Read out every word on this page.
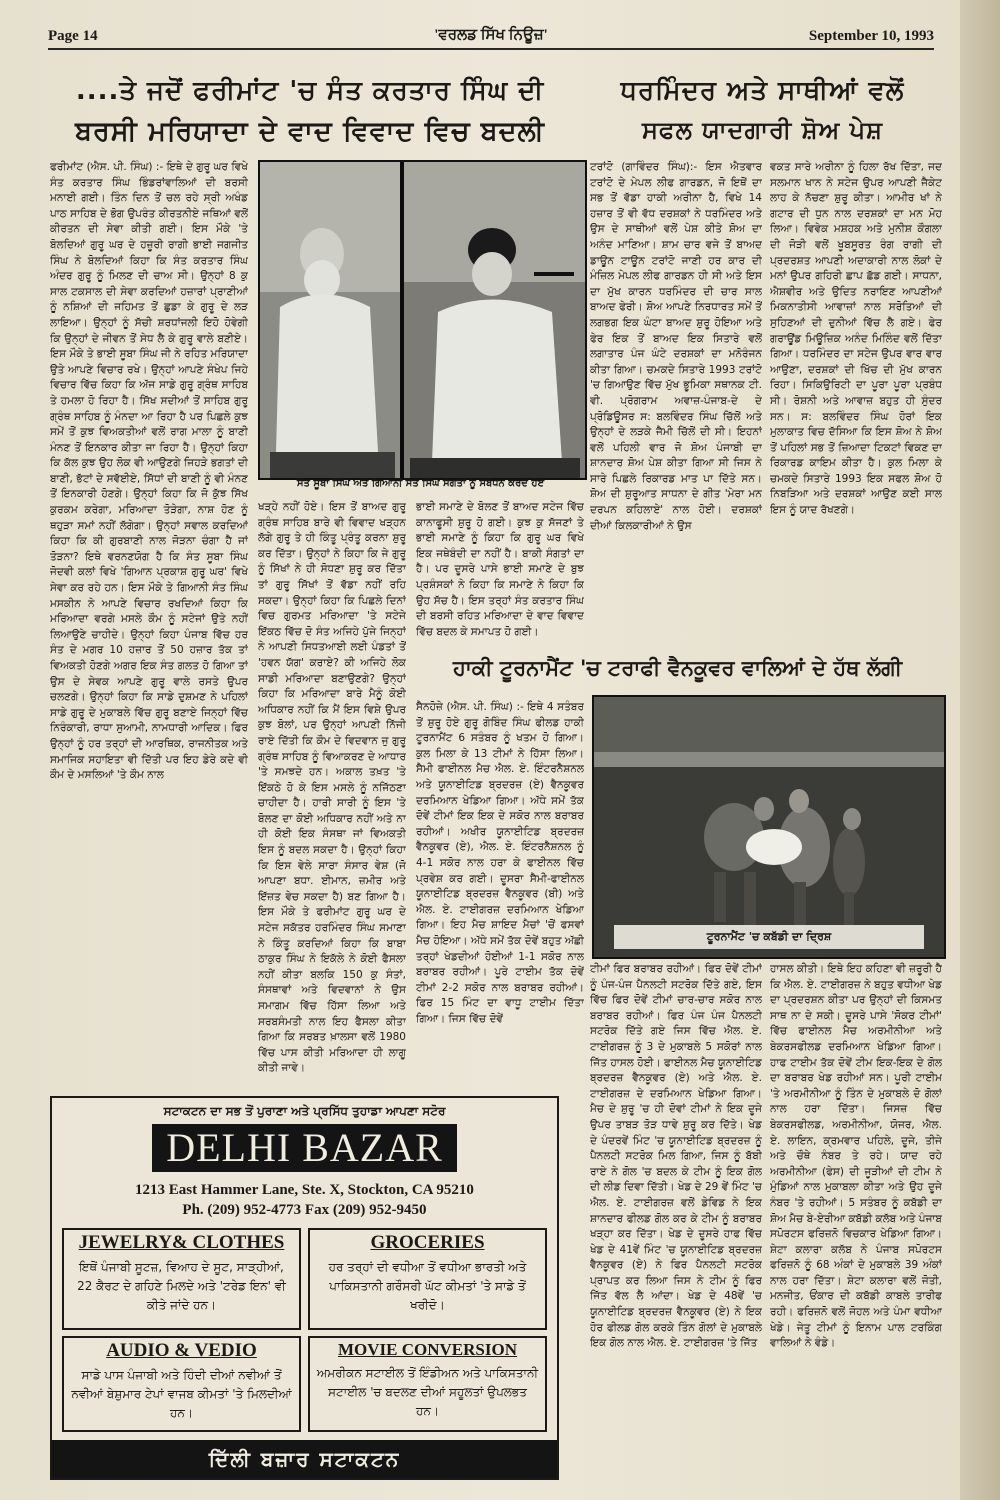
Page 14	'ਵਰਲਡ ਸਿੱਖ ਨਿਊਜ਼'	September 10, 1993
....ਤੇ ਜਦੋਂ ਫਰੀਮਾਂਟ 'ਚ ਸੰਤ ਕਰਤਾਰ ਸਿੰਘ ਦੀ
ਬਰਸੀ ਮਰਿਯਾਦਾ ਦੇ ਵਾਦ ਵਿਵਾਦ ਵਿਚ ਬਦਲੀ
ਧਰਮਿੰਦਰ ਅਤੇ ਸਾਥੀਆਂ ਵਲੋਂ
ਸਫਲ ਯਾਦਗਾਰੀ ਸ਼ੋਅ ਪੇਸ਼
ਸੰਤ ਸੂਬਾ ਸਿੰਘ ਅਤੇ ਗਿਆਨੀ ਸੰਤ ਸਿੰਘ ਸੰਗਤਾਂ ਨੂੰ ਸੰਬੋਧਨ ਕਰਦੇ ਹੋਏ
ਫਰੀਮਾਂਟ (ਐਸ. ਪੀ. ਸਿੰਘ) :- ਇਥੇ ਦੇ ਗੁਰੂ ਘਰ ਵਿਖੇ ਸੰਤ ਕਰਤਾਰ ਸਿੰਘ ਭਿੰਡਰਾਂਵਾਲਿਆਂ ਦੀ ਬਰਸੀ ਮਨਾਈ ਗਈ। ਤਿੰਨ ਦਿਨ ਤੋਂ ਚਲ ਰਹੇ ਸ੍ਰੀ ਅਖੰਡ ਪਾਠ ਸਾਹਿਬ ਦੇ ਭੋਗ ਉਪਰੰਤ ਕੀਰਤਨੀਏ ਜਥਿਆਂ ਵਲੋਂ ਕੀਰਤਨ ਦੀ ਸੇਵਾ ਕੀਤੀ ਗਈ। ਇਸ ਮੌਕੇ 'ਤੇ ਬੋਲਦਿਆਂ ਗੁਰੂ ਘਰ ਦੇ ਹਜ਼ੂਰੀ ਰਾਗੀ ਭਾਈ ਜਗਜੀਤ ਸਿੰਘ ਨੇ ਬੋਲਦਿਆਂ ਕਿਹਾ ਕਿ ਸੰਤ ਕਰਤਾਰ ਸਿੰਘ ਅੰਦਰ ਗੁਰੂ ਨੂੰ ਮਿਲਣ ਦੀ ਚਾਅ ਸੀ। ਉਨ੍ਹਾਂ 8 ਕੁ ਸਾਲ ਟਕਸਾਲ ਦੀ ਸੇਵਾ ਕਰਦਿਆਂ ਹਜ਼ਾਰਾਂ ਪ੍ਰਾਣੀਆਂ ਨੂੰ ਨਸ਼ਿਆਂ ਦੀ ਜਹਿਮਤ ਤੋਂ ਛੁਡਾ ਕੇ ਗੁਰੂ ਦੇ ਲੜ ਲਾਇਆ। ਉਨ੍ਹਾਂ ਨੂੰ ਸੱਚੀ ਸ਼ਰਧਾਂਜਲੀ ਇਹੋ ਹੋਵੇਗੀ ਕਿ ਉਨ੍ਹਾਂ ਦੇ ਜੀਵਨ ਤੋਂ ਸੇਧ ਲੈ ਕੇ ਗੁਰੂ ਵਾਲੇ ਬਣੀਏ। ਇਸ ਮੌਕੇ ਤੇ ਭਾਈ ਸੂਬਾ ਸਿੰਘ ਜੀ ਨੇ ਰਹਿਤ ਮਰਿਯਾਦਾ ਉਤੇ ਆਪਣੇ ਵਿਚਾਰ ਰਖੇ। ਉਨ੍ਹਾਂ ਆਪਣੇ ਸੰਖੇਪ ਜਿਹੇ ਵਿਚਾਰ ਵਿੱਚ ਕਿਹਾ ਕਿ ਅੱਜ ਸਾਡੇ ਗੁਰੂ ਗ੍ਰੰਥ ਸਾਹਿਬ ਤੇ ਹਮਲਾ ਹੋ ਰਿਹਾ ਹੈ। ਸਿੱਖ ਸਦੀਆਂ ਤੋਂ ਸਾਹਿਬ ਗੁਰੂ ਗ੍ਰੰਥ ਸਾਹਿਬ ਨੂੰ ਮੰਨਦਾ ਆ ਰਿਹਾ ਹੈ ਪਰ ਪਿਛਲੇ ਕੁਝ ਸਮੇਂ ਤੋਂ ਕੁਝ ਵਿਅਕਤੀਆਂ ਵਲੋਂ ਰਾਗ ਮਾਲਾ ਨੂੰ ਬਾਣੀ ਮੰਨਣ ਤੋਂ ਇਨਕਾਰ ਕੀਤਾ ਜਾ ਰਿਹਾ ਹੈ। ਉਨ੍ਹਾਂ ਕਿਹਾ ਕਿ ਕੱਲ ਕੁਝ ਉਹ ਲੋਕ ਵੀ ਆਉਣਗੇ ਜਿਹੜੇ ਭਗਤਾਂ ਦੀ ਬਾਣੀ, ਭੱਟਾਂ ਦੇ ਸਵੱਈਏ, ਸਿੱਧਾਂ ਦੀ ਬਾਣੀ ਨੂੰ ਵੀ ਮੰਨਣ ਤੋਂ ਇਨਕਾਰੀ ਹੋਣਗੇ। ਉਨ੍ਹਾਂ ਕਿਹਾ ਕਿ ਜੋ ਕੁੱਝ ਸਿੱਖ ਕੁਰਕਮ ਕਰੇਗਾ, ਮਰਿਆਦਾ ਤੋੜੇਗਾ, ਨਾਸ਼ ਹੋਣ ਨੂੰ ਥਹੁੜਾ ਸਮਾਂ ਨਹੀਂ ਲੱਗੇਗਾ। ਉਨ੍ਹਾਂ ਸਵਾਲ ਕਰਦਿਆਂ ਕਿਹਾ ਕਿ ਕੀ ਗੁਰਬਾਣੀ ਨਾਲ ਜੋੜਨਾ ਚੰਗਾ ਹੈ ਜਾਂ ਤੋੜਨਾ? ਇਥੇ ਵਰਨਣਯੋਗ ਹੈ ਕਿ ਸੰਤ ਸੂਬਾ ਸਿੰਘ ਜੋਦਵੀ ਕਲਾਂ ਵਿਖੇ 'ਗਿਆਨ ਪ੍ਰਕਾਸ਼ ਗੁਰੂ ਘਰ' ਵਿਖੇ ਸੇਵਾ ਕਰ ਰਹੇ ਹਨ। ਇਸ ਮੌਕੇ ਤੇ ਗਿਆਨੀ ਸੰਤ ਸਿੰਘ ਮਸਕੀਨ ਨੇ ਆਪਣੇ ਵਿਚਾਰ ਰਖਦਿਆਂ ਕਿਹਾ ਕਿ ਮਰਿਆਦਾ ਵਰਗੇ ਮਸਲੇ ਕੌਮ ਨੂੰ ਸਟੇਜਾਂ ਉਤੇ ਨਹੀਂ ਲਿਆਉਣੇ ਚਾਹੀਦੇ। ਉਨ੍ਹਾਂ ਕਿਹਾ ਪੰਜਾਬ ਵਿੱਚ ਹਰ ਸੰਤ ਦੇ ਮਗਰ 10 ਹਜ਼ਾਰ ਤੋਂ 50 ਹਜ਼ਾਰ ਤੱਕ ਤਾਂ ਵਿਅਕਤੀ ਹੋਣਗੇ ਅਗਰ ਇਕ ਸੰਤ ਗਲਤ ਹੋ ਗਿਆ ਤਾਂ ਉਸ ਦੇ ਸੇਵਕ ਆਪਣੇ ਗੁਰੂ ਵਾਲੇ ਰਸਤੇ ਉਪਰ ਚਲਣਗੇ। ਉਨ੍ਹਾਂ ਕਿਹਾ ਕਿ ਸਾਡੇ ਦੁਸ਼ਮਣ ਨੇ ਪਹਿਲਾਂ ਸਾਡੇ ਗੁਰੂ ਦੇ ਮੁਕਾਬਲੇ ਵਿੱਚ ਗੁਰੂ ਬਣਾਏ ਜਿਨ੍ਹਾਂ ਵਿੱਚ ਨਿਰੰਕਾਰੀ, ਰਾਧਾ ਸੁਆਮੀ, ਨਾਮਧਾਰੀ ਆਦਿਕ। ਫਿਰ ਉਨ੍ਹਾਂ ਨੂੰ ਹਰ ਤਰ੍ਹਾਂ ਦੀ ਆਰਥਿਕ, ਰਾਜਨੀਤਕ ਅਤੇ ਸਮਾਜਿਕ ਸਹਾਇਤਾ ਵੀ ਦਿੱਤੀ ਪਰ ਇਹ ਡੇਰੇ ਕਦੇ ਵੀ ਕੌਮ ਦੇ ਮਸਲਿਆਂ 'ਤੇ ਕੌਮ ਨਾਲ
ਖੜ੍ਹੇ ਨਹੀਂ ਹੋਏ। ਇਸ ਤੋਂ ਬਾਅਦ ਗੁਰੂ ਗ੍ਰੰਥ ਸਾਹਿਬ ਬਾਰੇ ਵੀ ਵਿਵਾਦ ਖੜ੍ਹਨ ਲੱਗੇ ਗੁਰੂ ਤੇ ਹੀ ਕਿੰਤੂ ਪ੍ਰੰਤੂ ਕਰਨਾ ਸ਼ੁਰੂ ਕਰ ਦਿੱਤਾ। ਉਨ੍ਹਾਂ ਨੇ ਕਿਹਾ ਕਿ ਜੇ ਗੁਰੂ ਨੂੰ ਸਿੱਖਾਂ ਨੇ ਹੀ ਸੋਧਣਾ ਸ਼ੁਰੂ ਕਰ ਦਿੱਤਾ ਤਾਂ ਗੁਰੂ ਸਿੱਖਾਂ ਤੋਂ ਵੱਡਾ ਨਹੀਂ ਰਹਿ ਸਕਦਾ। ਉਨ੍ਹਾਂ ਕਿਹਾ ਕਿ ਪਿਛਲੇ ਦਿਨਾਂ ਵਿਚ ਗੁਰਮਤ ਮਰਿਆਦਾ 'ਤੇ ਸਟੇਜੇ ਇੱਕਠ ਵਿੱਚ ਦੋ ਸੰਤ ਅਜਿਹੇ ਪੁੱਜੇ ਜਿਨ੍ਹਾਂ ਨੇ ਆਪਣੀ ਸਿਧਤਆਈ ਲਈ ਪੰਡਤਾਂ ਤੋਂ 'ਹਵਨ ਯੱਗ' ਕਰਾਏ? ਕੀ ਅਜਿਹੇ ਲੋਕ ਸਾਡੀ ਮਰਿਆਦਾ ਬਣਾਉਣਗੇ? ਉਨ੍ਹਾਂ ਕਿਹਾ ਕਿ ਮਰਿਆਦਾ ਬਾਰੇ ਮੈਨੂੰ ਕੋਈ ਅਧਿਕਾਰ ਨਹੀਂ ਕਿ ਮੈਂ ਇਸ ਵਿਸ਼ੇ ਉਪਰ ਕੁਝ ਬੋਲਾਂ, ਪਰ ਉਨ੍ਹਾਂ ਆਪਣੀ ਨਿੱਜੀ ਰਾਏ ਦਿੱਤੀ ਕਿ ਕੌਮ ਦੇ ਵਿਦਵਾਨ ਜੁ ਗੁਰੂ ਗ੍ਰੰਥ ਸਾਹਿਬ ਨੂੰ ਵਿਆਕਰਣ ਦੇ ਆਧਾਰ 'ਤੇ ਸਮਝਦੇ ਹਨ। ਅਕਾਲ ਤਖ਼ਤ 'ਤੇ ਇੱਕਠੇ ਹੋ ਕੇ ਇਸ ਮਸਲੇ ਨੂੰ ਨਜਿੱਠਣਾ ਚਾਹੀਦਾ ਹੈ। ਹਾਰੀ ਸਾਰੀ ਨੂੰ ਇਸ 'ਤੇ ਬੋਲਣ ਦਾ ਕੋਈ ਅਧਿਕਾਰ ਨਹੀਂ ਅਤੇ ਨਾ ਹੀ ਕੋਈ ਇਕ ਸੰਸਥਾ ਜਾਂ ਵਿਅਕਤੀ ਇਸ ਨੂੰ ਬਦਲ ਸਕਦਾ ਹੈ। ਉਨ੍ਹਾਂ ਕਿਹਾ ਕਿ ਇਸ ਵੇਲੇ ਸਾਰਾ ਸੰਸਾਰ ਵੇਸ਼ (ਜੋ ਆਪਣਾ ਬਧਾ. ਈਮਾਨ, ਜ਼ਮੀਰ ਅਤੇ ਇੱਜ਼ਤ ਵੇਚ ਸਕਦਾ ਹੈ) ਬਣ ਗਿਆ ਹੈ। ਇਸ ਮੌਕੇ ਤੇ ਫਰੀਮਾਂਟ ਗੁਰੂ ਘਰ ਦੇ ਸਟੇਜ ਸਕੱਤਰ ਹਰਮਿੰਦਰ ਸਿੰਘ ਸਮਾਣਾ ਨੇ ਕਿੰਤੂ ਕਰਦਿਆਂ ਕਿਹਾ ਕਿ ਬਾਬਾ ਠਾਕੁਰ ਸਿੰਘ ਨੇ ਇਕੱਲੇ ਨੇ ਕੋਈ ਫੈਸਲਾ ਨਹੀਂ ਕੀਤਾ ਬਲਕਿ 150 ਕੁ ਸੰਤਾਂ, ਸੰਸਥਾਵਾਂ ਅਤੇ ਵਿਦਵਾਨਾਂ ਨੇ ਉਸ ਸਮਾਗਮ ਵਿੱਚ ਹਿੱਸਾ ਲਿਆ ਅਤੇ ਸਰਬਸੰਮਤੀ ਨਾਲ ਇਹ ਫੈਸਲਾ ਕੀਤਾ ਗਿਆ ਕਿ ਸਰਬਤ ਖ਼ਾਲਸਾ ਵਲੋਂ 1980 ਵਿੱਚ ਪਾਸ ਕੀਤੀ ਮਰਿਆਦਾ ਹੀ ਲਾਗੂ ਕੀਤੀ ਜਾਵੇ।
ਭਾਈ ਸਮਾਣੇ ਦੇ ਬੋਲਣ ਤੋਂ ਬਾਅਦ ਸਟੇਜ ਵਿੱਚ ਕਾਨਾਫੂਸੀ ਸ਼ੁਰੂ ਹੋ ਗਈ। ਕੁਝ ਕੁ ਸੱਜਣਾਂ ਤੇ ਭਾਈ ਸਮਾਣੇ ਨੂੰ ਕਿਹਾ ਕਿ ਗੁਰੂ ਘਰ ਵਿਖੇ ਇਕ ਜਥੇਬੰਦੀ ਦਾ ਨਹੀਂ ਹੈ। ਬਾਕੀ ਸੰਗਤਾਂ ਦਾ ਹੈ। ਪਰ ਦੂਸਰੇ ਪਾਸੇ ਭਾਈ ਸਮਾਣੇ ਦੇ ਬੁਝ ਪ੍ਰਸ਼ੰਸਕਾਂ ਨੇ ਕਿਹਾ ਕਿ ਸਮਾਣੇ ਨੇ ਕਿਹਾ ਕਿ ਉਹ ਸੱਚ ਹੈ। ਇਸ ਤਰ੍ਹਾਂ ਸੰਤ ਕਰਤਾਰ ਸਿੰਘ ਦੀ ਬਰਸੀ ਰਹਿਤ ਮਰਿਆਦਾ ਦੇ ਵਾਦ ਵਿਵਾਦ ਵਿੱਚ ਬਦਲ ਕੇ ਸਮਾਪਤ ਹੋ ਗਈ।
ਟਰਾਂਟੋ (ਗਾਵਿੰਦਰ ਸਿੰਘ):- ਇਸ ਐਤਵਾਰ ਟਰਾਂਟੋ ਦੇ ਮੇਪਲ ਲੀਫ ਗਾਰਡਨ, ਜੋ ਇਥੋਂ ਦਾ ਸਭ ਤੋਂ ਵੱਡਾ ਹਾਕੀ ਅਰੀਨਾ ਹੈ, ਵਿਖੇ 14 ਹਜ਼ਾਰ ਤੋਂ ਵੀ ਵੱਧ ਦਰਸ਼ਕਾਂ ਨੇ ਧਰਮਿੰਦਰ ਅਤੇ ਉਸ ਦੇ ਸਾਥੀਆਂ ਵਲੋਂ ਪੇਸ਼ ਕੀਤੇ ਸ਼ੋਅ ਦਾ ਅਨੰਦ ਮਾਣਿਆ। ਸ਼ਾਮ ਚਾਰ ਵਜੇ ਤੋਂ ਬਾਅਦ ਡਾਊਨ ਟਾਊਨ ਟਰਾਂਟੋ ਜਾਣੀ ਹਰ ਕਾਰ ਦੀ ਮੰਜ਼ਿਲ ਮੇਪਲ ਲੀਫ ਗਾਰਡਨ ਹੀ ਸੀ ਅਤੇ ਇਸ ਦਾ ਮੁੱਖ ਕਾਰਨ ਧਰਮਿੰਦਰ ਦੀ ਚਾਰ ਸਾਲ ਬਾਅਦ ਫੇਰੀ। ਸ਼ੋਅ ਆਪਣੇ ਨਿਰਧਾਰਤ ਸਮੇਂ ਤੋਂ ਲਗਭਗ ਇਕ ਘੰਟਾ ਬਾਅਦ ਸ਼ੁਰੂ ਹੋਇਆ ਅਤੇ ਫੇਰ ਇਕ ਤੋਂ ਬਾਅਦ ਇਕ ਸਿਤਾਰੇ ਵਲੋਂ ਲਗਾਤਾਰ ਪੰਜ ਘੰਟੇ ਦਰਸ਼ਕਾਂ ਦਾ ਮਨੋਰੰਜਨ ਕੀਤਾ ਗਿਆ। ਚਮਕਦੇ ਸਿਤਾਰੇ 1993 ਟਰਾਂਟੋ 'ਚ ਗਿਆਉਣ ਵਿੱਚ ਮੁੱਖ ਭੂਮਿਕਾ ਸਥਾਨਕ ਟੀ. ਵੀ. ਪ੍ਰੋਗਰਾਮ ਅਵਾਜ਼-ਪੰਜਾਬ-ਦੇ ਦੇ ਪ੍ਰੋਡਿਊਸਰ ਸ: ਬਲਵਿੰਦਰ ਸਿੰਘ ਚਿੱਲੋਂ ਅਤੇ ਉਨ੍ਹਾਂ ਦੇ ਲੜਕੇ ਜੈਮੀ ਚਿੱਲੋਂ ਦੀ ਸੀ। ਇਹਨਾਂ ਵਲੋਂ ਪਹਿਲੀ ਵਾਰ ਜੋ ਸ਼ੋਅ ਪੰਜਾਬੀ ਦਾ ਸ਼ਾਨਦਾਰ ਸ਼ੋਅ ਪੇਸ਼ ਕੀਤਾ ਗਿਆ ਸੀ ਜਿਸ ਨੇ ਸਾਰੇ ਪਿਛਲੇ ਰਿਕਾਰਡ ਮਾਤ ਪਾ ਦਿੱਤੇ ਸਨ। ਸ਼ੋਅ ਦੀ ਸ਼ੁਰੂਆਤ ਸਾਧਨਾ ਦੇ ਗੀਤ 'ਮੇਰਾ ਮਨ ਦਰਪਨ ਕਹਿਲਾਏ' ਨਾਲ ਹੋਈ। ਦਰਸ਼ਕਾਂ ਦੀਆਂ ਕਿਲਕਾਰੀਆਂ ਨੇ ਉਸ
ਵਕਤ ਸਾਰੇ ਅਰੀਨਾ ਨੂੰ ਹਿਲਾ ਰੱਖ ਦਿੱਤਾ, ਜਦ ਸਲਮਾਨ ਖਾਨ ਨੇ ਸਟੇਜ ਉਪਰ ਆਪਣੀ ਜੈਕੇਟ ਲਾਹ ਕੇ ਨੱਚਣਾ ਸ਼ੁਰੂ ਕੀਤਾ। ਆਮੀਰ ਖਾਂ ਨੇ ਗਟਾਰ ਦੀ ਧੁਨ ਨਾਲ ਦਰਸ਼ਕਾਂ ਦਾ ਮਨ ਮੋਹ ਲਿਆ। ਵਿਵੇਕ ਮਸ਼ਹਕ ਅਤੇ ਮੁਨੀਸ਼ ਕੌਗਲਾ ਦੀ ਜੋੜੀ ਵਲੋਂ ਖੂਬਸੂਰਤ ਰੰਗ ਰਾਗੀ ਦੀ ਪ੍ਰਦਰਸ਼ਤ ਆਪਣੀ ਅਦਾਕਾਰੀ ਨਾਲ ਲੋਕਾਂ ਦੇ ਮਨਾਂ ਉਪਰ ਗਹਿਰੀ ਛਾਪ ਛੱਡ ਗਈ। ਸਾਧਨਾ, ਐਸ਼ਵੀਰ ਅਤੇ ਉਦਿਤ ਨਰਾਇਣ ਆਪਣੀਆਂ ਮਿਕਨਾਤੀਸੀ ਆਵਾਜ਼ਾਂ ਨਾਲ ਸਰੋਤਿਆਂ ਦੀ ਸੁਹਿਣਆਂ ਦੀ ਦੁਨੀਆਂ ਵਿੱਚ ਲੈ ਗਏ। ਫੇਰ ਗਰਾਊਂਡ ਮਿਊਜ਼ਿਕ ਅਨੰਦ ਮਿਲਿੰਦ ਵਲੋਂ ਦਿੱਤਾ ਗਿਆ। ਧਰਮਿੰਦਰ ਦਾ ਸਟੇਜ ਉਪਰ ਵਾਰ ਵਾਰ ਆਉਣਾ, ਦਰਸ਼ਕਾਂ ਦੀ ਖਿੱਚ ਦੀ ਮੁੱਖ ਕਾਰਨ ਰਿਹਾ। ਸਿਕਿਉਰਿਟੀ ਦਾ ਪੂਰਾ ਪੂਰਾ ਪ੍ਰਬੰਧ ਸੀ। ਰੋਸ਼ਨੀ ਅਤੇ ਆਵਾਜ਼ ਬਹੁਤ ਹੀ ਸੁੰਦਰ ਸਨ। ਸ: ਬਲਵਿੰਦਰ ਸਿੰਘ ਹੋਰਾਂ ਇਕ ਮੁਲਾਕਾਤ ਵਿਚ ਦੱਸਿਆ ਕਿ ਇਸ ਸ਼ੋਅ ਨੇ ਸ਼ੋਅ ਤੋਂ ਪਹਿਲਾਂ ਸਭ ਤੋਂ ਜ਼ਿਆਦਾ ਟਿਕਟਾਂ ਵਿਕਣ ਦਾ ਰਿਕਾਰਡ ਕਾਇਮ ਕੀਤਾ ਹੈ। ਕੁਲ ਮਿਲਾ ਕੇ ਚਮਕਦੇ ਸਿਤਾਰੇ 1993 ਇਕ ਸਫਲ ਸ਼ੋਅ ਹੋ ਨਿਬੜਿਆ ਅਤੇ ਦਰਸ਼ਕਾਂ ਆਉਣ ਕਈ ਸਾਲ ਇਸ ਨੂੰ ਯਾਦ ਰੱਖਣਗੇ।
ਹਾਕੀ ਟੂਰਨਾਮੈਂਟ 'ਚ ਟਰਾਫੀ ਵੈਨਕੂਵਰ ਵਾਲਿਆਂ ਦੇ ਹੱਥ ਲੱਗੀ
ਸੈਨਹੋਜ਼ੇ (ਐਸ. ਪੀ. ਸਿੰਘ) :- ਇਥੇ 4 ਸਤੰਬਰ ਤੋਂ ਸ਼ੁਰੂ ਹੋਏ ਗੁਰੂ ਗੋਬਿੰਦ ਸਿੰਘ ਫੀਲਡ ਹਾਕੀ ਟੂਰਨਾਮੈਂਟ 6 ਸਤੰਬਰ ਨੂੰ ਖਤਮ ਹੋ ਗਿਆ। ਕੁਲ ਮਿਲਾ ਕੇ 13 ਟੀਮਾਂ ਨੇ ਹਿੱਸਾ ਲਿਆ। ਸੈਮੀ ਫਾਈਨਲ ਮੈਚ ਐਲ. ਏ. ਇੰਟਰਨੈਸ਼ਨਲ ਅਤੇ ਯੂਨਾਈਟਿਡ ਬ੍ਰਦਰਜ਼ (ਏ) ਵੈਨਕੂਵਰ ਦਰਮਿਆਨ ਖੇਡਿਆ ਗਿਆ। ਅੱਧੇ ਸਮੇਂ ਤੱਕ ਦੋਵੇਂ ਟੀਮਾਂ ਇਕ ਇਕ ਦੇ ਸਕੋਰ ਨਾਲ ਬਰਾਬਰ ਰਹੀਆਂ। ਅਖੀਰ ਯੂਨਾਈਟਿਡ ਬ੍ਰਦਰਜ਼ ਵੈਨਕੂਵਰ (ਏ), ਐਲ. ਏ. ਇੰਟਰਨੈਸ਼ਨਲ ਨੂੰ 4-1 ਸਕੋਰ ਨਾਲ ਹਰਾ ਕੇ ਫਾਈਨਲ ਵਿੱਚ ਪ੍ਰਵੇਸ਼ ਕਰ ਗਈ। ਦੂਸਰਾ ਸੈਮੀ-ਫਾਈਨਲ ਯੂਨਾਈਟਿਡ ਬ੍ਰਦਰਜ਼ ਵੈਨਕੂਵਰ (ਬੀ) ਅਤੇ ਐਲ. ਏ. ਟਾਈਗਰਜ਼ ਦਰਮਿਆਨ ਖੇਡਿਆ ਗਿਆ। ਇਹ ਮੈਚ ਸ਼ਾਇਦ ਮੈਚਾਂ 'ਚੋਂ ਫਸਵਾਂ ਮੈਚ ਹੋਇਆ। ਅੱਧੇ ਸਮੇਂ ਤੱਕ ਦੋਵੇਂ ਬਹੁਤ ਅੱਛੀ ਤਰ੍ਹਾਂ ਖੇਡਦੀਆਂ ਹੋਈਆਂ 1-1 ਸਕੋਰ ਨਾਲ ਬਰਾਬਰ ਰਹੀਆਂ। ਪੂਰੇ ਟਾਈਮ ਤੱਕ ਦੋਵੇਂ ਟੀਮਾਂ 2-2 ਸਕੋਰ ਨਾਲ ਬਰਾਬਰ ਰਹੀਆਂ। ਫਿਰ 15 ਮਿੰਟ ਦਾ ਵਾਧੂ ਟਾਈਮ ਦਿੱਤਾ ਗਿਆ। ਜਿਸ ਵਿੱਚ ਦੋਵੇਂ
ਟੂਰਨਾਮੈਂਟ 'ਚ ਕਬੱਡੀ ਦਾ ਦ੍ਰਿਸ਼
ਟੀਮਾਂ ਫਿਰ ਬਰਾਬਰ ਰਹੀਆਂ। ਫਿਰ ਦੋਵੇਂ ਟੀਮਾਂ ਨੂੰ ਪੰਜ-ਪੰਜ ਪੈਨਲਟੀ ਸਟਰੋਕ ਦਿੱਤੇ ਗਏ, ਇਸ ਵਿੱਚ ਫਿਰ ਦੋਵੇਂ ਟੀਮਾਂ ਚਾਰ-ਚਾਰ ਸਕੋਰ ਨਾਲ ਬਰਾਬਰ ਰਹੀਆਂ। ਫਿਰ ਪੰਜ ਪੰਜ ਪੈਨਲਟੀ ਸਟਰੋਕ ਦਿੱਤੇ ਗਏ ਜਿਸ ਵਿੱਚ ਐਲ. ਏ. ਟਾਈਗਰਜ਼ ਨੂੰ 3 ਦੇ ਮੁਕਾਬਲੇ 5 ਸਕੋਰਾਂ ਨਾਲ ਜਿੱਤ ਹਾਸਲ ਹੋਈ। ਫਾਈਨਲ ਮੈਚ ਯੂਨਾਈਟਿਡ ਬ੍ਰਦਰਜ਼ ਵੈਨਕੂਵਰ (ਏ) ਅਤੇ ਐਲ. ਏ. ਟਾਈਗਰਜ਼ ਦੇ ਦਰਮਿਆਨ ਖੇਡਿਆ ਗਿਆ। ਮੈਚ ਦੇ ਸ਼ੁਰੂ 'ਚ ਹੀ ਦੋਵਾਂ ਟੀਮਾਂ ਨੇ ਇਕ ਦੂਜੇ ਉਪਰ ਤਾਬੜ ਤੋੜ ਧਾਵੇ ਸ਼ੁਰੂ ਕਰ ਦਿੱਤੇ। ਖੇਡ ਦੇ ਪੰਦਰਵੇਂ ਮਿੰਟ 'ਚ ਯੂਨਾਈਟਿਡ ਬ੍ਰਦਰਜ਼ ਨੂੰ ਪੈਨਲਟੀ ਸਟਰੋਕ ਮਿਲ ਗਿਆ, ਜਿਸ ਨੂੰ ਬੱਬੀ ਰਾਏ ਨੇ ਗੋਲ 'ਚ ਬਦਲ ਕੇ ਟੀਮ ਨੂੰ ਇਕ ਗੋਲ ਦੀ ਲੀਡ ਦਿਵਾ ਦਿੱਤੀ। ਖੇਡ ਦੇ 29 ਵੇਂ ਮਿੰਟ 'ਚ ਐਲ. ਏ. ਟਾਈਗਰਜ਼ ਵਲੋਂ ਡੇਵਿਡ ਨੇ ਇਕ ਸ਼ਾਨਦਾਰ ਫੀਲਡ ਗੋਲ ਕਰ ਕੇ ਟੀਮ ਨੂੰ ਬਰਾਬਰ ਖੜ੍ਹਾ ਕਰ ਦਿੱਤਾ। ਖੇਡ ਦੇ ਦੂਸਰੇ ਹਾਫ ਵਿੱਚ ਖੇਡ ਦੇ 41ਵੇਂ ਮਿੰਟ 'ਚ ਯੂਨਾਈਟਿਡ ਬ੍ਰਦਰਜ਼ ਵੈਨਕੂਵਰ (ਏ) ਨੇ ਫਿਰ ਪੈਨਲਟੀ ਸਟਰੋਕ ਪ੍ਰਾਪਤ ਕਰ ਲਿਆ ਜਿਸ ਨੇ ਟੀਮ ਨੂੰ ਫਿਰ ਜਿੱਤ ਵੱਲ ਲੈ ਆਂਦਾ। ਖੇਡ ਦੇ 48ਵੇਂ 'ਚ ਯੂਨਾਈਟਿਡ ਬ੍ਰਦਰਜ਼ ਵੈਨਕੂਵਰ (ਏ) ਨੇ ਇਕ ਹੋਰ ਫੀਲਡ ਗੋਲ ਕਰਕੇ ਤਿੰਨ ਗੋਲਾਂ ਦੇ ਮੁਕਾਬਲੇ ਇਕ ਗੋਲ ਨਾਲ ਐਲ. ਏ. ਟਾਈਗਰਜ਼ 'ਤੇ ਜਿੱਤ
ਹਾਸਲ ਕੀਤੀ। ਇਥੇ ਇਹ ਕਹਿਣਾ ਵੀ ਜ਼ਰੂਰੀ ਹੈ ਕਿ ਐਲ. ਏ. ਟਾਈਗਰਜ਼ ਨੇ ਬਹੁਤ ਵਧੀਆ ਖੇਡ ਦਾ ਪ੍ਰਦਰਸ਼ਨ ਕੀਤਾ ਪਰ ਉਨ੍ਹਾਂ ਦੀ ਕਿਸਮਤ ਸਾਥ ਨਾ ਦੇ ਸਕੀ। ਦੂਸਰੇ ਪਾਸੇ 'ਸੋਕਰ ਟੀਮਾਂ' ਵਿੱਚ ਫਾਈਨਲ ਮੈਚ ਅਰਮੀਨੀਆ ਅਤੇ ਬੇਕਰਸਫੀਲਡ ਦਰਮਿਆਨ ਖੇਡਿਆ ਗਿਆ। ਹਾਫ ਟਾਈਮ ਤੱਕ ਦੋਵੇਂ ਟੀਮ ਇਕ-ਇਕ ਦੇ ਗੋਲ ਦਾ ਬਰਾਬਰ ਖੇਡ ਰਹੀਆਂ ਸਨ। ਪੂਰੀ ਟਾਈਮ 'ਤੇ ਅਰਮੀਨੀਆ ਨੂੰ ਤਿੰਨ ਦੇ ਮੁਕਾਬਲੇ ਦੋ ਗੋਲਾਂ ਨਾਲ ਹਰਾ ਦਿੱਤਾ। ਜਿਸਜ਼ ਵਿੱਚ ਬੇਕਰਸਫੀਲਡ, ਅਰਮੀਨੀਆ, ਯੋਜਰ, ਐਲ. ਏ. ਲਾਇਨ, ਕ੍ਰਮਵਾਰ ਪਹਿਲੇ, ਦੂਜੇ, ਤੀਜੇ ਅਤੇ ਚੌਥੇ ਨੰਬਰ ਤੇ ਰਹੇ। ਯਾਦ ਰਹੇ ਅਰਮੀਨੀਆ (ਫੇਸ) ਦੀ ਜੂੜੀਆਂ ਦੀ ਟੀਮ ਨੇ ਮੁੰਡਿਆਂ ਨਾਲ ਮੁਕਾਬਲਾ ਕੀਤਾ ਅਤੇ ਉਹ ਦੂਜੇ ਨੰਬਰ 'ਤੇ ਰਹੀਆਂ। 5 ਸਤੰਬਰ ਨੂੰ ਕਬੱਡੀ ਦਾ ਸ਼ੋਅ ਮੈਚ ਬੇ-ਏਰੀਆ ਕਬੱਡੀ ਕਲੱਬ ਅਤੇ ਪੰਜਾਬ ਸਪੋਰਟਸ ਫਰਿਜ਼ਨੋ ਵਿਚਕਾਰ ਖੇਡਿਆ ਗਿਆ। ਸ਼ੇਟਾ ਕਲਾਰਾ ਕਲੱਬ ਨੇ ਪੰਜਾਬ ਸਪੋਰਟਸ ਫਰਿਜ਼ਨੋ ਨੂੰ 68 ਅੰਕਾਂ ਦੇ ਮੁਕਾਬਲੇ 39 ਅੰਕਾਂ ਨਾਲ ਹਰਾ ਦਿੱਤਾ। ਸ਼ੇਟਾ ਕਲਾਰਾ ਵਲੋਂ ਜੋਤੀ, ਮਨਜੀਤ, ਓਂਕਾਰ ਦੀ ਕਬੱਡੀ ਕਾਬਲੇ ਤਾਰੀਫ ਰਹੀ। ਫਰਿਜ਼ਨੋ ਵਲੋਂ ਜੋਹਲ ਅਤੇ ਪੰਮਾ ਵਧੀਆ ਖੇਡੇ। ਜੇਤੂ ਟੀਮਾਂ ਨੂੰ ਇਨਾਮ ਪਾਲ ਟਰਕਿੰਗ ਵਾਲਿਆਂ ਨੇ ਵੰਡੇ।
ਸਟਾਕਟਨ ਦਾ ਸਭ ਤੋਂ ਪੁਰਾਣਾ ਅਤੇ ਪ੍ਰਸਿੱਧ ਤੁਹਾਡਾ ਆਪਣਾ ਸਟੋਰ
DELHI BAZAR
1213 East Hammer Lane, Ste. X, Stockton, CA 95210
Ph. (209) 952-4773 Fax (209) 952-9450
JEWELRY& CLOTHES
ਇਥੋਂ ਪੰਜਾਬੀ ਸੂਟਜ਼, ਵਿਆਹ ਦੇ ਸੂਟ, ਸਾੜ੍ਹੀਆਂ, 22 ਕੈਰਟ ਦੇ ਗਹਿਣੇ ਮਿਲਦੇ ਅਤੇ 'ਟਰੇਡ ਇਨ' ਵੀ ਕੀਤੇ ਜਾਂਦੇ ਹਨ।
GROCERIES
ਹਰ ਤਰ੍ਹਾਂ ਦੀ ਵਧੀਆ ਤੋਂ ਵਧੀਆ ਭਾਰਤੀ ਅਤੇ ਪਾਕਿਸਤਾਨੀ ਗਰੌਸਰੀ ਘੱਟ ਕੀਮਤਾਂ 'ਤੇ ਸਾਡੇ ਤੋਂ ਖਰੀਦੋ।
AUDIO & VEDIO
ਸਾਡੇ ਪਾਸ ਪੰਜਾਬੀ ਅਤੇ ਹਿੰਦੀ ਦੀਆਂ ਨਵੀਆਂ ਤੋਂ ਨਵੀਆਂ ਬੇਸ਼ੁਮਾਰ ਟੇਪਾਂ ਵਾਜਬ ਕੀਮਤਾਂ 'ਤੇ ਮਿਲਦੀਆਂ ਹਨ।
MOVIE CONVERSION
ਅਮਰੀਕਨ ਸਟਾਈਲ ਤੋਂ ਇੰਡੀਅਨ ਅਤੇ ਪਾਕਿਸਤਾਨੀ ਸਟਾਈਲ 'ਚ ਬਦਲਣ ਦੀਆਂ ਸਹੂਲਤਾਂ ਉਪਲਭਤ ਹਨ।
ਦਿੱਲੀ ਬਜ਼ਾਰ ਸਟਾਕਟਨ
